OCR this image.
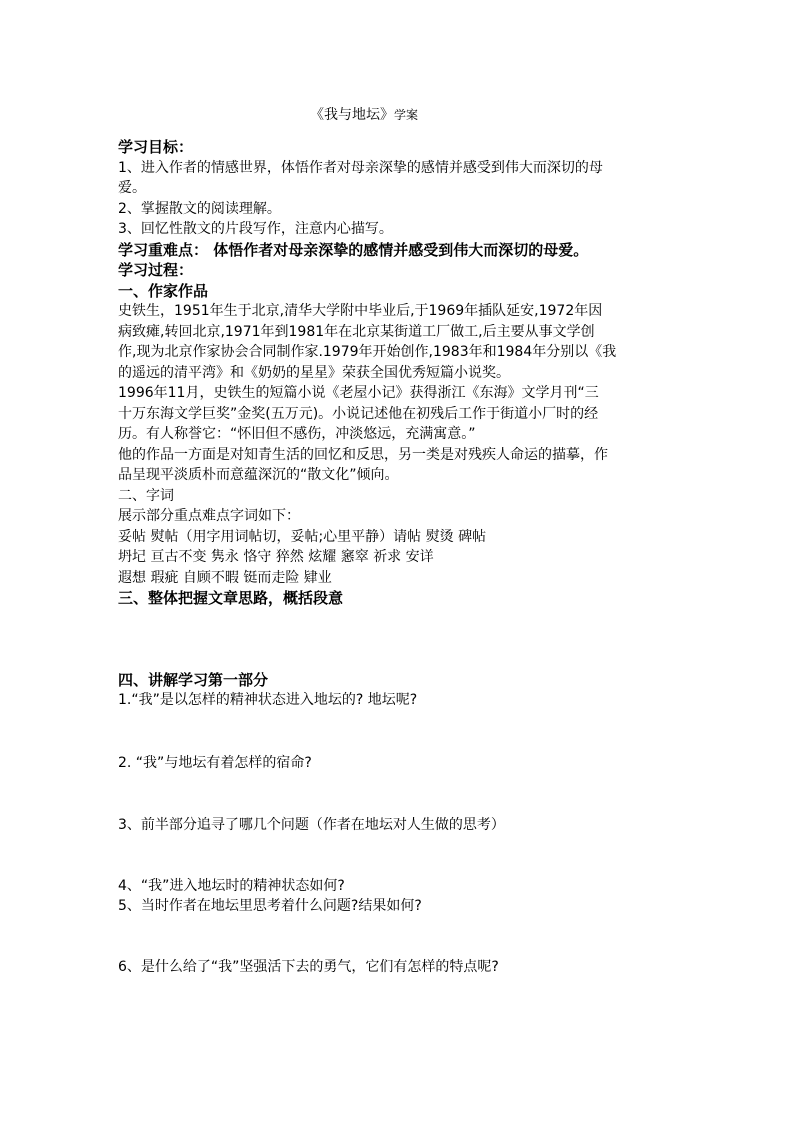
《我与地坛》学案
学习目标：
1、进入作者的情感世界，体悟作者对母亲深挚的感情并感受到伟大而深切的母
爱。
2、掌握散文的阅读理解。
3、回忆性散文的片段写作，注意内心描写。
学习重难点： 体悟作者对母亲深挚的感情并感受到伟大而深切的母爱。
学习过程：
一、作家作品
史铁生，1951年生于北京,清华大学附中毕业后,于1969年插队延安,1972年因
病致瘫,转回北京,1971年到1981年在北京某街道工厂做工,后主要从事文学创
作,现为北京作家协会合同制作家.1979年开始创作,1983年和1984年分别以《我
的遥远的清平湾》和《奶奶的星星》荣获全国优秀短篇小说奖。
1996年11月，史铁生的短篇小说《老屋小记》获得浙江《东海》文学月刊“三
十万东海文学巨奖”金奖(五万元)。小说记述他在初残后工作于街道小厂时的经
历。有人称誉它：“怀旧但不感伤，冲淡悠远，充满寓意。”
他的作品一方面是对知青生活的回忆和反思，另一类是对残疾人命运的描摹，作
品呈现平淡质朴而意蕴深沉的“散文化”倾向。
二、字词
展示部分重点难点字词如下：
妥帖 熨帖（用字用词帖切，妥帖;心里平静）请帖 熨烫 碑帖
坍圮 亘古不变 隽永 恪守 猝然 炫耀 窸窣 祈求 安详
遐想 瑕疵 自顾不暇 铤而走险 肄业
三、整体把握文章思路，概括段意
四、讲解学习第一部分
1.“我”是以怎样的精神状态进入地坛的? 地坛呢?
2. “我”与地坛有着怎样的宿命?
3、前半部分追寻了哪几个问题（作者在地坛对人生做的思考）
4、“我”进入地坛时的精神状态如何?
5、当时作者在地坛里思考着什么问题?结果如何?
6、是什么给了“我”坚强活下去的勇气，它们有怎样的特点呢?
